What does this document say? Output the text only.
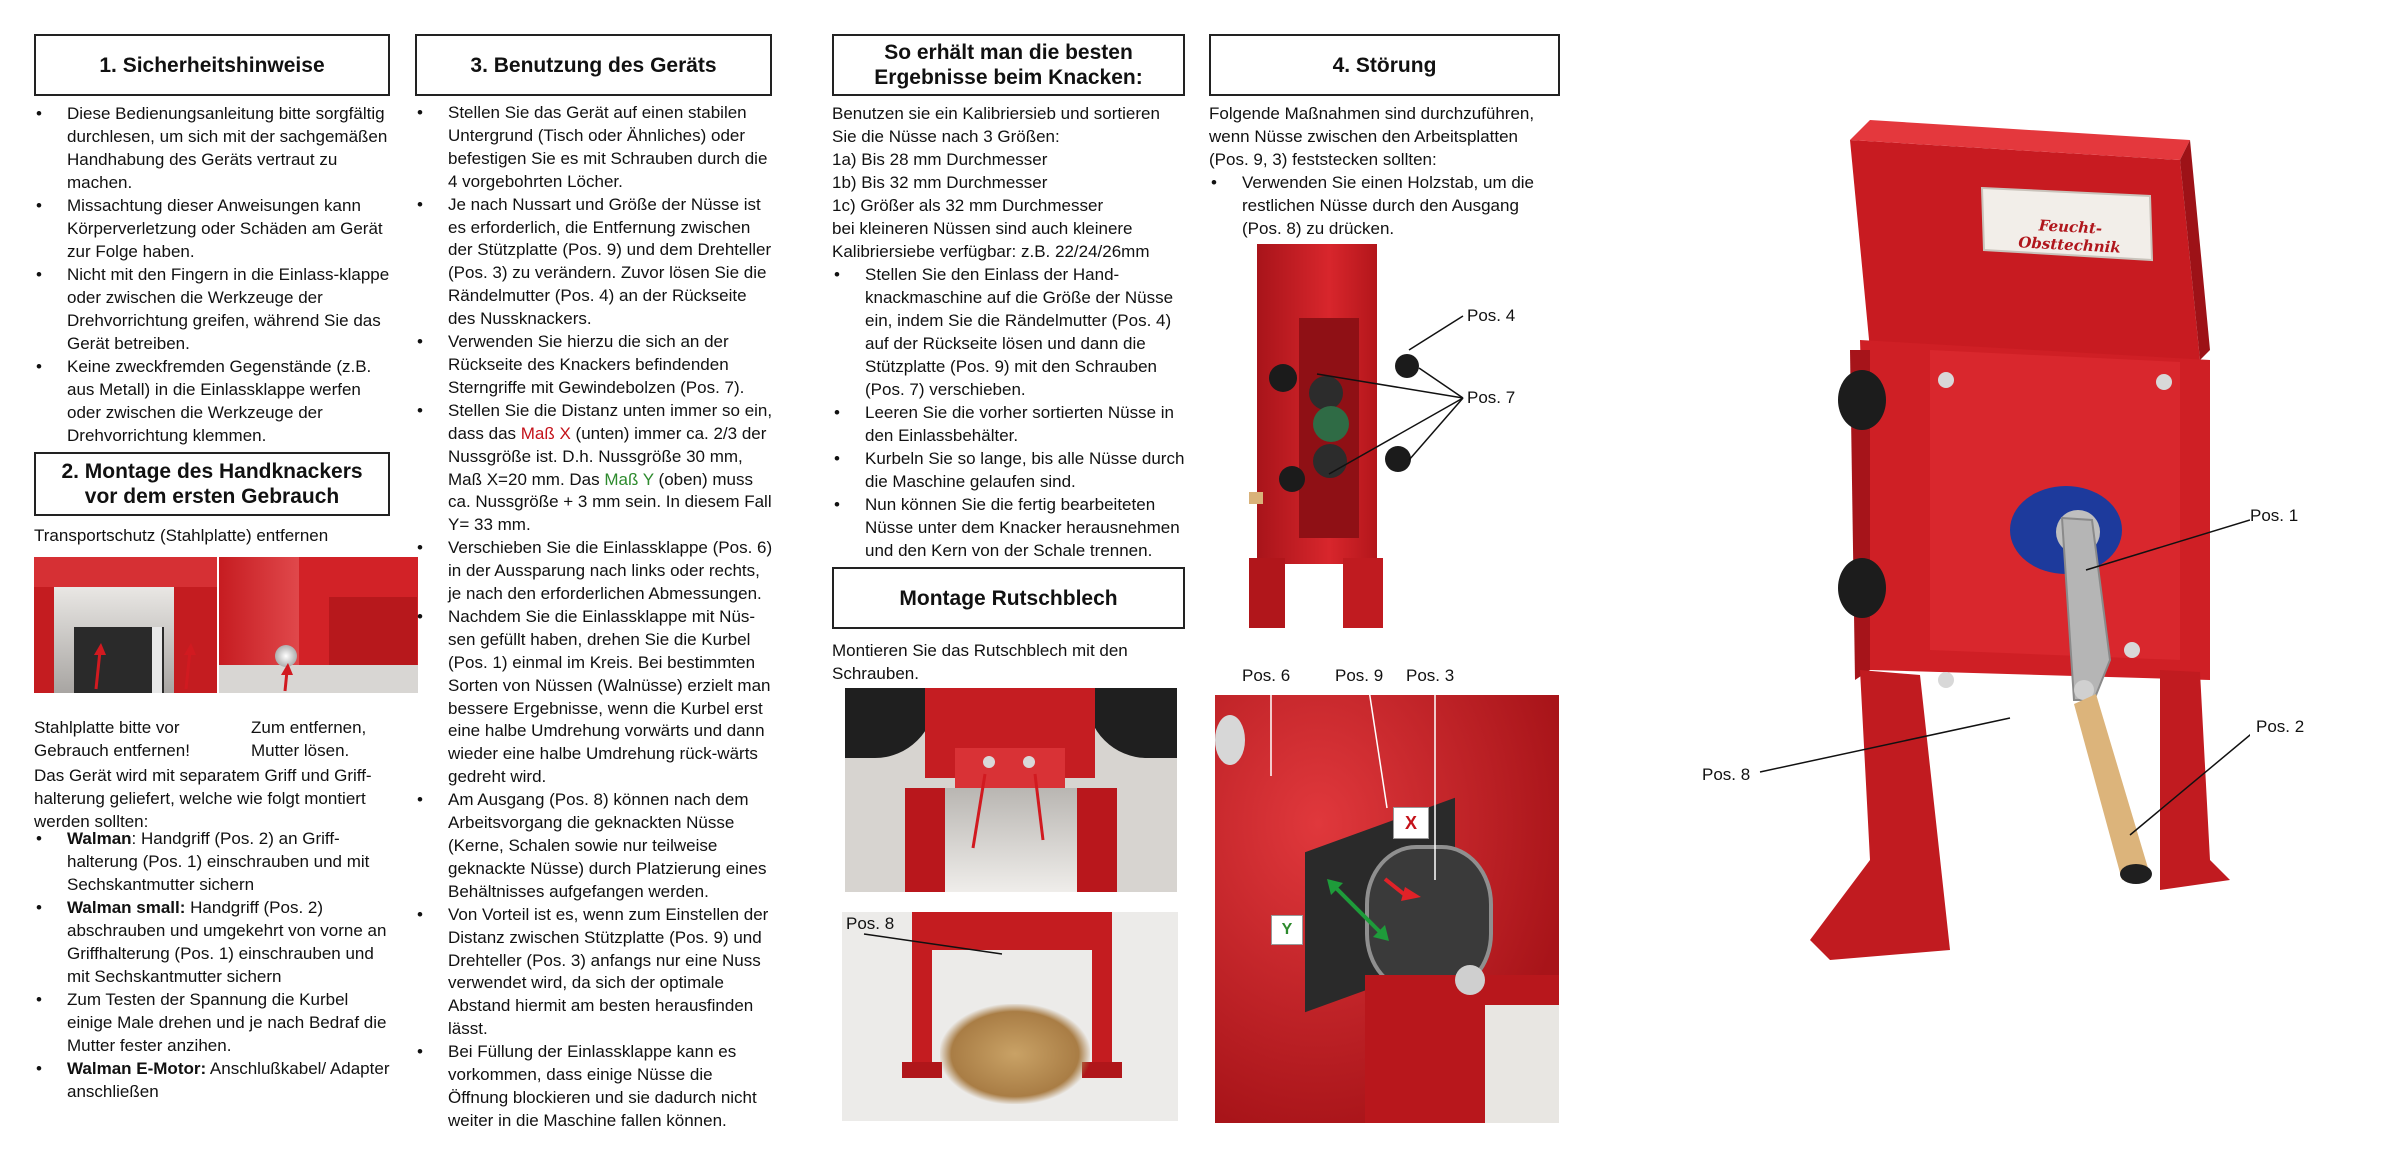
1. Sicherheitshinweise
• Diese Bedienungsanleitung bitte sorgfältig durchlesen, um sich mit der sachgemäßen Handhabung des Geräts vertraut zu machen.
• Missachtung dieser Anweisungen kann Körperverletzung oder Schäden am Gerät zur Folge haben.
• Nicht mit den Fingern in die Einlass-klappe oder zwischen die Werkzeuge der Drehvorrichtung greifen, während Sie das Gerät betreiben.
• Keine zweckfremden Gegenstände (z.B. aus Metall) in die Einlassklappe werfen oder zwischen die Werkzeuge der Drehvorrichtung klemmen.
2. Montage des Handknackers
vor dem ersten Gebrauch
Transportschutz (Stahlplatte) entfernen
Stahlplatte bitte vor Gebrauch entfernen!
Zum entfernen, Mutter lösen.
Das Gerät wird mit separatem Griff und Griff-halterung geliefert, welche wie folgt montiert werden sollten:
• Walman: Handgriff (Pos. 2) an Griff-halterung (Pos. 1) einschrauben und mit Sechskantmutter sichern
• Walman small: Handgriff (Pos. 2) abschrauben und umgekehrt von vorne an Griffhalterung (Pos. 1) einschrauben und mit Sechskantmutter sichern
• Zum Testen der Spannung die Kurbel einige Male drehen und je nach Bedraf die Mutter fester anzihen.
• Walman E-Motor: Anschlußkabel/ Adapter anschließen
3. Benutzung des Geräts
• Stellen Sie das Gerät auf einen stabilen Untergrund (Tisch oder Ähnliches) oder befestigen Sie es mit Schrauben durch die 4 vorgebohrten Löcher.
• Je nach Nussart und Größe der Nüsse ist es erforderlich, die Entfernung zwischen der Stützplatte (Pos. 9) und dem Drehteller (Pos. 3) zu verändern. Zuvor lösen Sie die Rändelmutter (Pos. 4) an der Rückseite des Nussknackers.
• Verwenden Sie hierzu die sich an der Rückseite des Knackers befindenden Sterngriffe mit Gewindebolzen (Pos. 7).
• Stellen Sie die Distanz unten immer so ein, dass das Maß X (unten) immer ca. 2/3 der Nussgröße ist. D.h. Nussgröße 30 mm, Maß X=20 mm. Das Maß Y (oben) muss ca. Nussgröße + 3 mm sein. In diesem Fall Y= 33 mm.
• Verschieben Sie die Einlassklappe (Pos. 6) in der Aussparung nach links oder rechts, je nach den erforderlichen Abmessungen.
• Nachdem Sie die Einlassklappe mit Nüs-sen gefüllt haben, drehen Sie die Kurbel (Pos. 1) einmal im Kreis. Bei bestimmten Sorten von Nüssen (Walnüsse) erzielt man bessere Ergebnisse, wenn die Kurbel erst eine halbe Umdrehung vorwärts und dann wieder eine halbe Umdrehung rück-wärts gedreht wird.
• Am Ausgang (Pos. 8) können nach dem Arbeitsvorgang die geknackten Nüsse (Kerne, Schalen sowie nur teilweise geknackte Nüsse) durch Platzierung eines Behältnisses aufgefangen werden.
• Von Vorteil ist es, wenn zum Einstellen der Distanz zwischen Stützplatte (Pos. 9) und Drehteller (Pos. 3) anfangs nur eine Nuss verwendet wird, da sich der optimale Abstand hiermit am besten herausfinden lässt.
• Bei Füllung der Einlassklappe kann es vorkommen, dass einige Nüsse die Öffnung blockieren und sie dadurch nicht weiter in die Maschine fallen können.
So erhält man die besten
Ergebnisse beim Knacken:
Benutzen sie ein Kalibriersieb und sortieren Sie die Nüsse nach 3 Größen:
1a) Bis 28 mm Durchmesser
1b) Bis 32 mm Durchmesser
1c) Größer als 32 mm Durchmesser
bei kleineren Nüssen sind auch kleinere Kalibriersiebe verfügbar: z.B. 22/24/26mm
• Stellen Sie den Einlass der Hand-knackmaschine auf die Größe der Nüsse ein, indem Sie die Rändelmutter (Pos. 4) auf der Rückseite lösen und dann die Stützplatte (Pos. 9) mit den Schrauben (Pos. 7) verschieben.
• Leeren Sie die vorher sortierten Nüsse in den Einlassbehälter.
• Kurbeln Sie so lange, bis alle Nüsse durch die Maschine gelaufen sind.
• Nun können Sie die fertig bearbeiteten Nüsse unter dem Knacker herausnehmen und den Kern von der Schale trennen.
Montage Rutschblech
Montieren Sie das Rutschblech mit den Schrauben.
Pos. 8
4. Störung
Folgende Maßnahmen sind durchzuführen, wenn Nüsse zwischen den Arbeitsplatten (Pos. 9, 3) feststecken sollten:
• Verwenden Sie einen Holzstab, um die restlichen Nüsse durch den Ausgang (Pos. 8) zu drücken.
Pos. 4
Pos. 7
Pos. 6	Pos. 9 Pos. 3
X
Y
Feucht-Obsttechnik
Pos. 1
Pos. 2
Pos. 8
